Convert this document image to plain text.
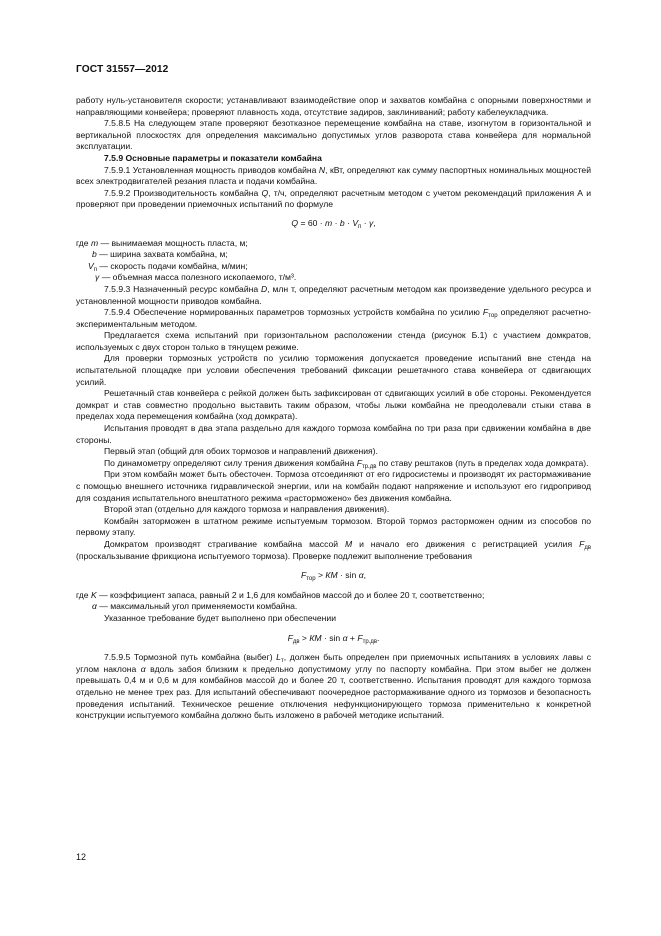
ГОСТ 31557—2012

работу нуль-установителя скорости; устанавливают взаимодействие опор и захватов комбайна с опорными поверхностями и направляющими конвейера; проверяют плавность хода, отсутствие задиров, заклиниваний; работу кабелеукладчика.

7.5.8.5 На следующем этапе проверяют безотказное перемещение комбайна на ставе, изогнутом в горизонтальной и вертикальной плоскостях для определения максимально допустимых углов разворота става конвейера для нормальной эксплуатации.

7.5.9 Основные параметры и показатели комбайна

7.5.9.1 Установленная мощность приводов комбайна N, кВт, определяют как сумму паспортных номинальных мощностей всех электродвигателей резания пласта и подачи комбайна.

7.5.9.2 Производительность комбайна Q, т/ч, определяют расчетным методом с учетом рекомендаций приложения А и проверяют при проведении приемочных испытаний по формуле

$Q = 60 \cdot m \cdot b \cdot V_п \cdot \gamma$,

где m — вынимаемая мощность пласта, м;
b — ширина захвата комбайна, м;
$V_п$ — скорость подачи комбайна, м/мин;
γ — объемная масса полезного ископаемого, т/м³.

7.5.9.3 Назначенный ресурс комбайна D, млн т, определяют расчетным методом как произведение удельного ресурса и установленной мощности приводов комбайна.

7.5.9.4 Обеспечение нормированных параметров тормозных устройств комбайна по усилию $F_{тор}$ определяют расчетно-экспериментальным методом.

Предлагается схема испытаний при горизонтальном расположении стенда (рисунок Б.1) с участием домкратов, используемых с двух сторон только в тянущем режиме.

Для проверки тормозных устройств по усилию торможения допускается проведение испытаний вне стенда на испытательной площадке при условии обеспечения требований фиксации решетачного става конвейера от сдвигающих усилий.

Решетачный став конвейера с рейкой должен быть зафиксирован от сдвигающих усилий в обе стороны. Рекомендуется домкрат и став совместно продольно выставить таким образом, чтобы лыжи комбайна не преодолевали стыки става в пределах хода перемещения комбайна (ход домкрата).

Испытания проводят в два этапа раздельно для каждого тормоза комбайна по три раза при сдвижении комбайна в две стороны.

Первый этап (общий для обоих тормозов и направлений движения).

По динамометру определяют силу трения движения комбайна $F_{тр.дв}$ по ставу рештаков (путь в пределах хода домкрата).

При этом комбайн может быть обесточен. Тормоза отсоединяют от его гидросистемы и производят их растормаживание с помощью внешнего источника гидравлической энергии, или на комбайн подают напряжение и используют его гидропривод для создания испытательного внештатного режима «расторможено» без движения комбайна.

Второй этап (отдельно для каждого тормоза и направления движения).

Комбайн заторможен в штатном режиме испытуемым тормозом. Второй тормоз расторможен одним из способов по первому этапу.

Домкратом производят страгивание комбайна массой M и начало его движения с регистрацией усилия $F_{дв}$ (проскальзывание фрикциона испытуемого тормоза). Проверке подлежит выполнение требования

$F_{тор}$ > КМ · sin α,

где K — коэффициент запаса, равный 2 и 1,6 для комбайнов массой до и более 20 т, соответственно;
α — максимальный угол применяемости комбайна.

Указанное требование будет выполнено при обеспечении

$F_{дв}$ > КМ · $\sin \alpha + F_{тр.дв}$.

7.5.9.5 Тормозной путь комбайна (выбег) $L_т$, должен быть определен при приемочных испытаниях в условиях лавы с углом наклона α вдоль забоя близким к предельно допустимому углу по паспорту комбайна. При этом выбег не должен превышать 0,4 м и 0,6 м для комбайнов массой до и более 20 т, соответственно. Испытания проводят для каждого тормоза отдельно не менее трех раз. Для испытаний обеспечивают поочередное растормаживание одного из тормозов и безопасность проведения испытаний. Техническое решение отключения нефункционирующего тормоза применительно к конкретной конструкции испытуемого комбайна должно быть изложено в рабочей методике испытаний.

12
